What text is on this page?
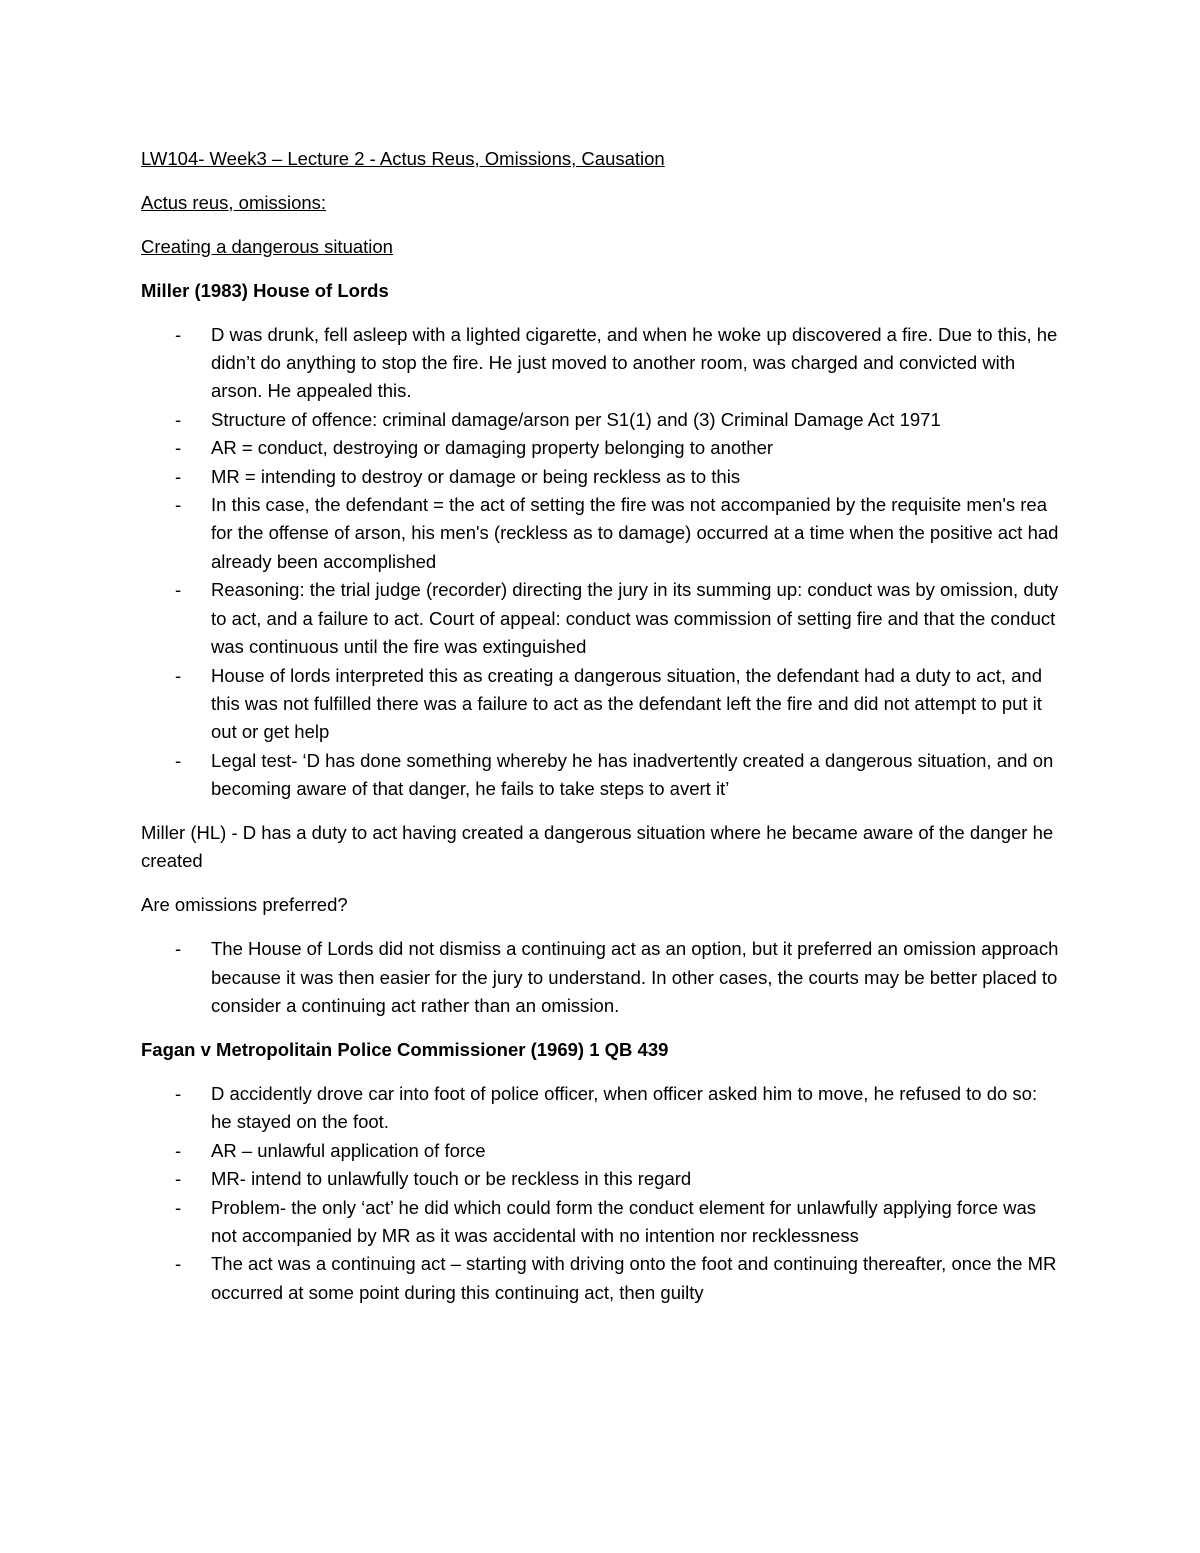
LW104- Week3 – Lecture 2 - Actus Reus, Omissions, Causation

Actus reus, omissions:

Creating a dangerous situation

Miller (1983) House of Lords

- D was drunk, fell asleep with a lighted cigarette, and when he woke up discovered a fire. Due to this, he didn’t do anything to stop the fire. He just moved to another room, was charged and convicted with arson. He appealed this.
- Structure of offence: criminal damage/arson per S1(1) and (3) Criminal Damage Act 1971
- AR = conduct, destroying or damaging property belonging to another
- MR = intending to destroy or damage or being reckless as to this
- In this case, the defendant = the act of setting the fire was not accompanied by the requisite men's rea for the offense of arson, his men's (reckless as to damage) occurred at a time when the positive act had already been accomplished
- Reasoning: the trial judge (recorder) directing the jury in its summing up: conduct was by omission, duty to act, and a failure to act. Court of appeal: conduct was commission of setting fire and that the conduct was continuous until the fire was extinguished
- House of lords interpreted this as creating a dangerous situation, the defendant had a duty to act, and this was not fulfilled there was a failure to act as the defendant left the fire and did not attempt to put it out or get help
- Legal test- ‘D has done something whereby he has inadvertently created a dangerous situation, and on becoming aware of that danger, he fails to take steps to avert it’

Miller (HL) - D has a duty to act having created a dangerous situation where he became aware of the danger he created

Are omissions preferred?

- The House of Lords did not dismiss a continuing act as an option, but it preferred an omission approach because it was then easier for the jury to understand. In other cases, the courts may be better placed to consider a continuing act rather than an omission.

Fagan v Metropolitain Police Commissioner (1969) 1 QB 439

- D accidently drove car into foot of police officer, when officer asked him to move, he refused to do so: he stayed on the foot.
- AR – unlawful application of force
- MR- intend to unlawfully touch or be reckless in this regard
- Problem- the only ‘act’ he did which could form the conduct element for unlawfully applying force was not accompanied by MR as it was accidental with no intention nor recklessness
- The act was a continuing act – starting with driving onto the foot and continuing thereafter, once the MR occurred at some point during this continuing act, then guilty
